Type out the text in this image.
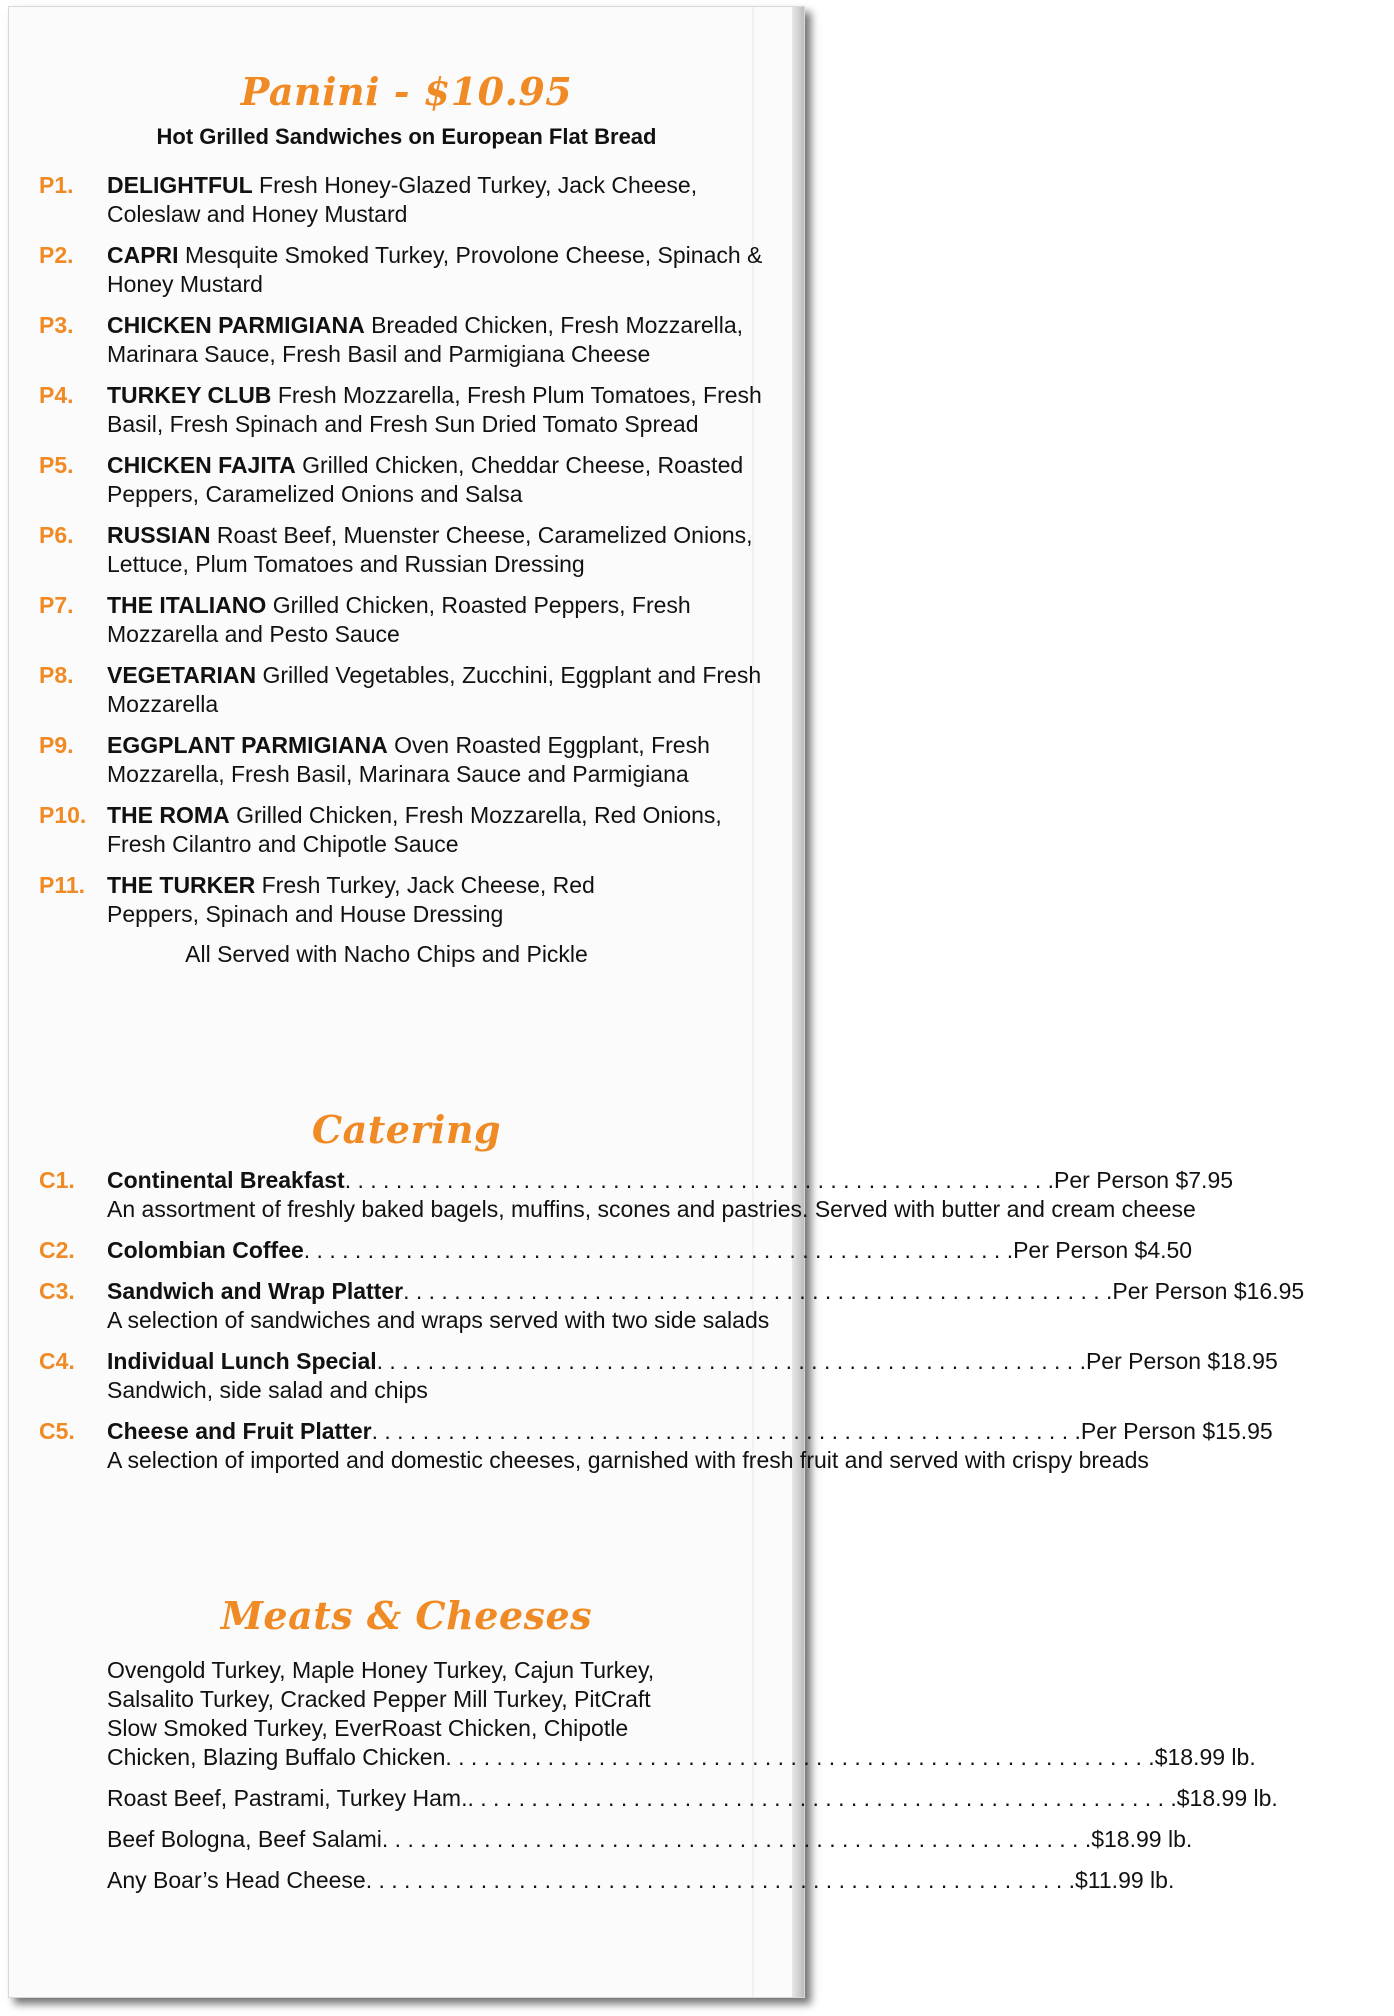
Panini - $10.95
Hot Grilled Sandwiches on European Flat Bread
P1.	DELIGHTFUL Fresh Honey-Glazed Turkey, Jack Cheese, Coleslaw and Honey Mustard
P2.	CAPRI Mesquite Smoked Turkey, Provolone Cheese, Spinach & Honey Mustard
P3.	CHICKEN PARMIGIANA Breaded Chicken, Fresh Mozzarella, Marinara Sauce, Fresh Basil and Parmigiana Cheese
P4.	TURKEY CLUB Fresh Mozzarella, Fresh Plum Tomatoes, Fresh Basil, Fresh Spinach and Fresh Sun Dried Tomato Spread
P5.	CHICKEN FAJITA Grilled Chicken, Cheddar Cheese, Roasted Peppers, Caramelized Onions and Salsa
P6.	RUSSIAN Roast Beef, Muenster Cheese, Caramelized Onions, Lettuce, Plum Tomatoes and Russian Dressing
P7.	THE ITALIANO Grilled Chicken, Roasted Peppers, Fresh Mozzarella and Pesto Sauce
P8.	VEGETARIAN Grilled Vegetables, Zucchini, Eggplant and Fresh Mozzarella
P9.	EGGPLANT PARMIGIANA Oven Roasted Eggplant, Fresh Mozzarella, Fresh Basil, Marinara Sauce and Parmigiana
P10. THE ROMA Grilled Chicken, Fresh Mozzarella, Red Onions, Fresh Cilantro and Chipotle Sauce
P11. THE TURKER Fresh Turkey, Jack Cheese, Red Peppers, Spinach and House Dressing
All Served with Nacho Chips and Pickle
Catering
C1.	Continental Breakfast . . .	Per Person $7.95
An assortment of freshly baked bagels, muffins, scones and pastries. Served with butter and cream cheese
C2.	Colombian Coffee . . .	Per Person $4.50
C3.	Sandwich and Wrap Platter . . .	Per Person $16.95
A selection of sandwiches and wraps served with two side salads
C4.	Individual Lunch Special . . .	Per Person $18.95
Sandwich, side salad and chips
C5.	Cheese and Fruit Platter . . .	Per Person $15.95
A selection of imported and domestic cheeses, garnished with fresh fruit and served with crispy breads
Meats & Cheeses
Ovengold Turkey, Maple Honey Turkey, Cajun Turkey, Salsalito Turkey, Cracked Pepper Mill Turkey, PitCraft Slow Smoked Turkey, EverRoast Chicken, Chipotle
Chicken, Blazing Buffalo Chicken . . .	$18.99 lb.
Roast Beef, Pastrami, Turkey Ham. . . .	$18.99 lb.
Beef Bologna, Beef Salami . . .	$18.99 lb.
Any Boar’s Head Cheese . . .	$11.99 lb.
